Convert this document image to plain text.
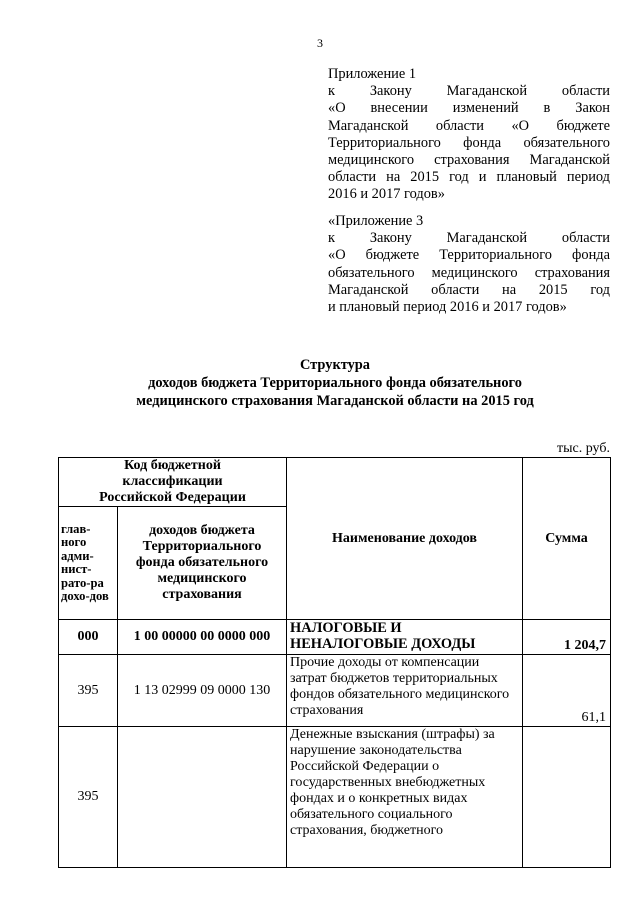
3
Приложение 1
к Закону Магаданской области
«О внесении изменений в Закон
Магаданской области «О бюджете
Территориального фонда обязательного
медицинского страхования Магаданской
области на 2015 год и плановый период
2016 и 2017 годов»
«Приложение 3
к Закону Магаданской области
«О бюджете Территориального фонда
обязательного медицинского страхования
Магаданской области на 2015 год
и плановый период 2016 и 2017 годов»
Структура
доходов бюджета Территориального фонда обязательного
медицинского страхования Магаданской области на 2015 год
тыс. руб.
Код бюджетной классификации Российской Федерации		Наименование доходов	Сумма
глав-ного адми-нист-рато-ра дохо-дов	доходов бюджета Территориального фонда обязательного медицинского страхования		
000	1 00 00000 00 0000 000	НАЛОГОВЫЕ И НЕНАЛОГОВЫЕ ДОХОДЫ	1 204,7
395	1 13 02999 09 0000 130	Прочие доходы от компенсации затрат бюджетов территориальных фондов обязательного медицинского страхования	61,1
395		Денежные взыскания (штрафы) за нарушение законодательства Российской Федерации о государственных внебюджетных фондах и о конкретных видах обязательного социального страхования, бюджетного	
